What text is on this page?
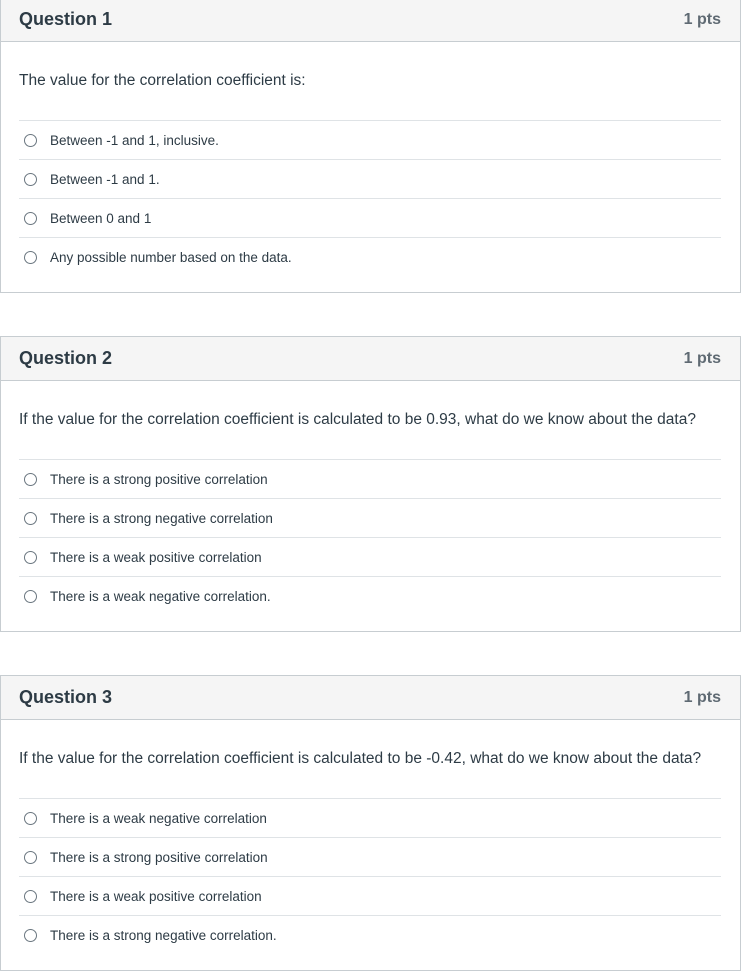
Question 1	1 pts
The value for the correlation coefficient is:
Between -1 and 1, inclusive.
Between -1 and 1.
Between 0 and 1
Any possible number based on the data.
Question 2	1 pts
If the value for the correlation coefficient is calculated to be 0.93, what do we know about the data?
There is a strong positive correlation
There is a strong negative correlation
There is a weak positive correlation
There is a weak negative correlation.
Question 3	1 pts
If the value for the correlation coefficient is calculated to be -0.42, what do we know about the data?
There is a weak negative correlation
There is a strong positive correlation
There is a weak positive correlation
There is a strong negative correlation.
